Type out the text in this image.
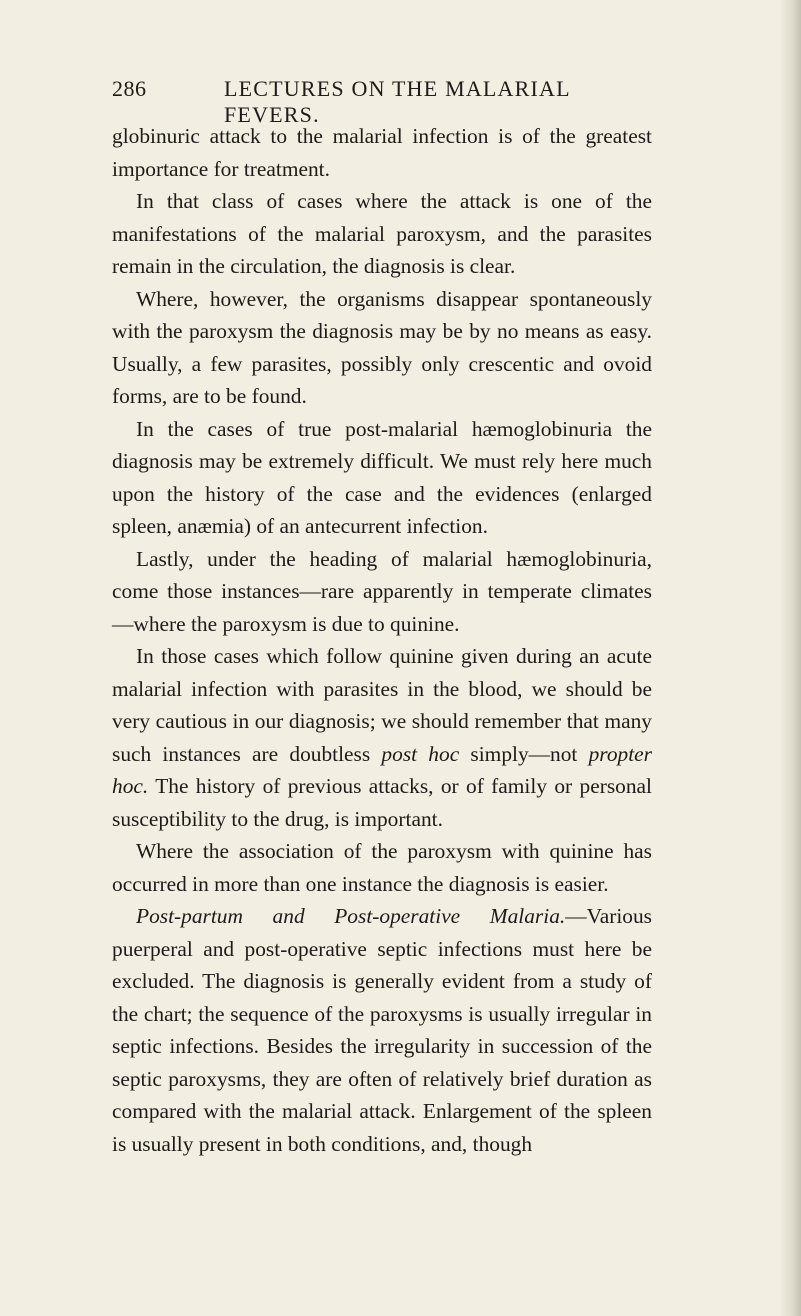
286	LECTURES ON THE MALARIAL FEVERS.

globinuric attack to the malarial infection is of the greatest importance for treatment.

In that class of cases where the attack is one of the manifestations of the malarial paroxysm, and the parasites remain in the circulation, the diagnosis is clear.

Where, however, the organisms disappear spontaneously with the paroxysm the diagnosis may be by no means as easy. Usually, a few parasites, possibly only crescentic and ovoid forms, are to be found.

In the cases of true post-malarial hæmoglobinuria the diagnosis may be extremely difficult. We must rely here much upon the history of the case and the evidences (enlarged spleen, anæmia) of an antecurrent infection.

Lastly, under the heading of malarial hæmoglobinuria, come those instances—rare apparently in temperate climates —where the paroxysm is due to quinine.

In those cases which follow quinine given during an acute malarial infection with parasites in the blood, we should be very cautious in our diagnosis; we should remember that many such instances are doubtless post hoc simply—not propter hoc. The history of previous attacks, or of family or personal susceptibility to the drug, is important.

Where the association of the paroxysm with quinine has occurred in more than one instance the diagnosis is easier.

Post-partum and Post-operative Malaria.—Various puerperal and post-operative septic infections must here be excluded. The diagnosis is generally evident from a study of the chart; the sequence of the paroxysms is usually irregular in septic infections. Besides the irregularity in succession of the septic paroxysms, they are often of relatively brief duration as compared with the malarial attack. Enlargement of the spleen is usually present in both conditions, and, though
